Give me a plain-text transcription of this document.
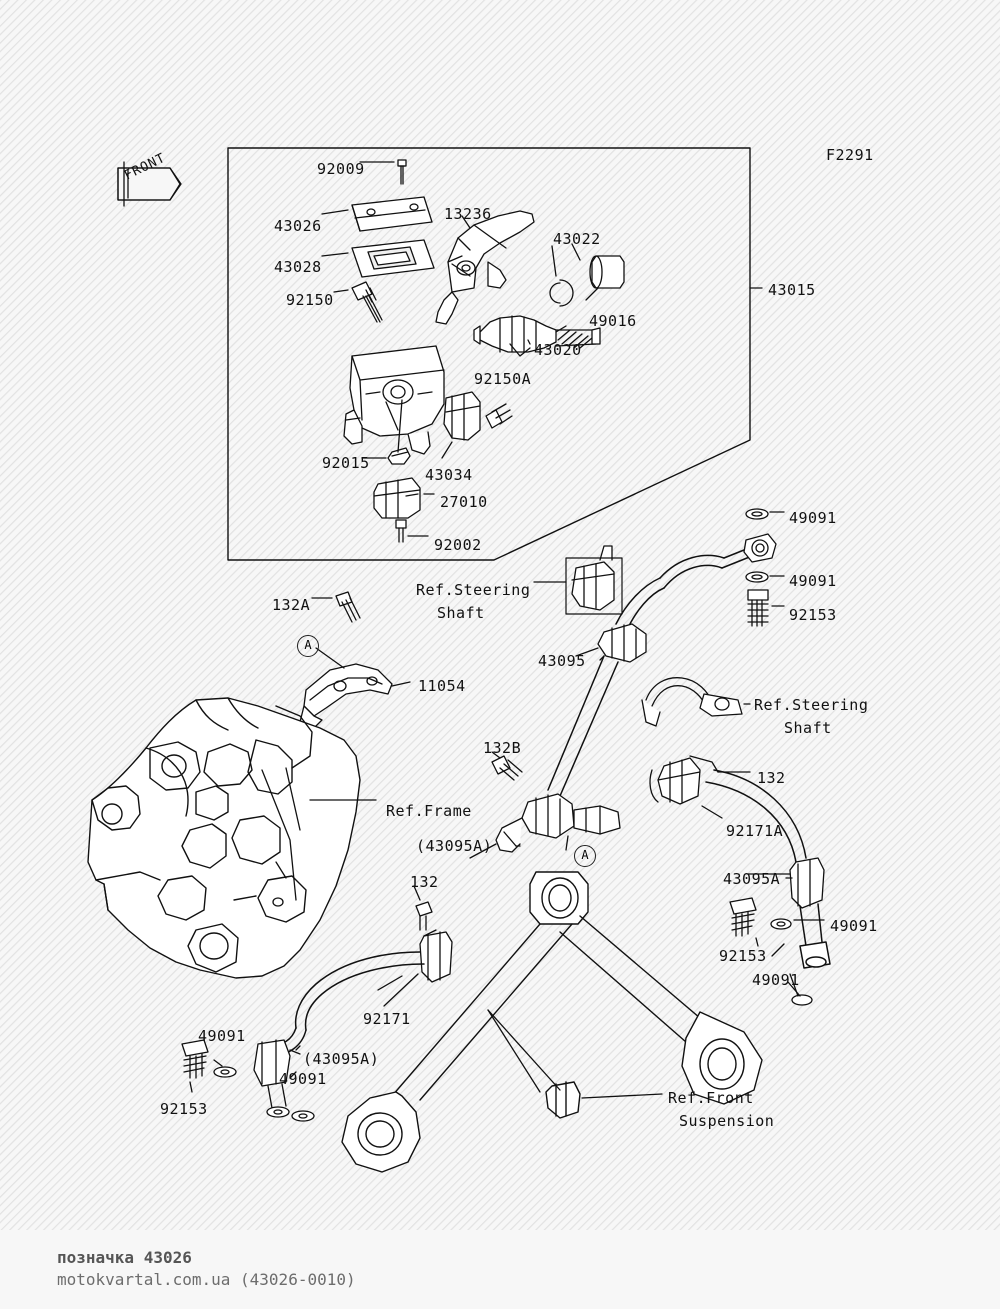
FRONT	F2291
92009
43026
13236
43022
43028
92150
49016
43020
92150A
92015
43034
27010
92002
43015
49091
49091
92153
Ref.Steering
Shaft
132A
43095
11054
Ref.Steering
Shaft
132B
132
Ref.Frame
92171A
(43095A)
43095A
132
49091
92153
49091
92171
49091
(43095A)
49091
Ref.Front
92153
Suspension
A
A
позначка 43026
motokvartal.com.ua (43026-0010)
